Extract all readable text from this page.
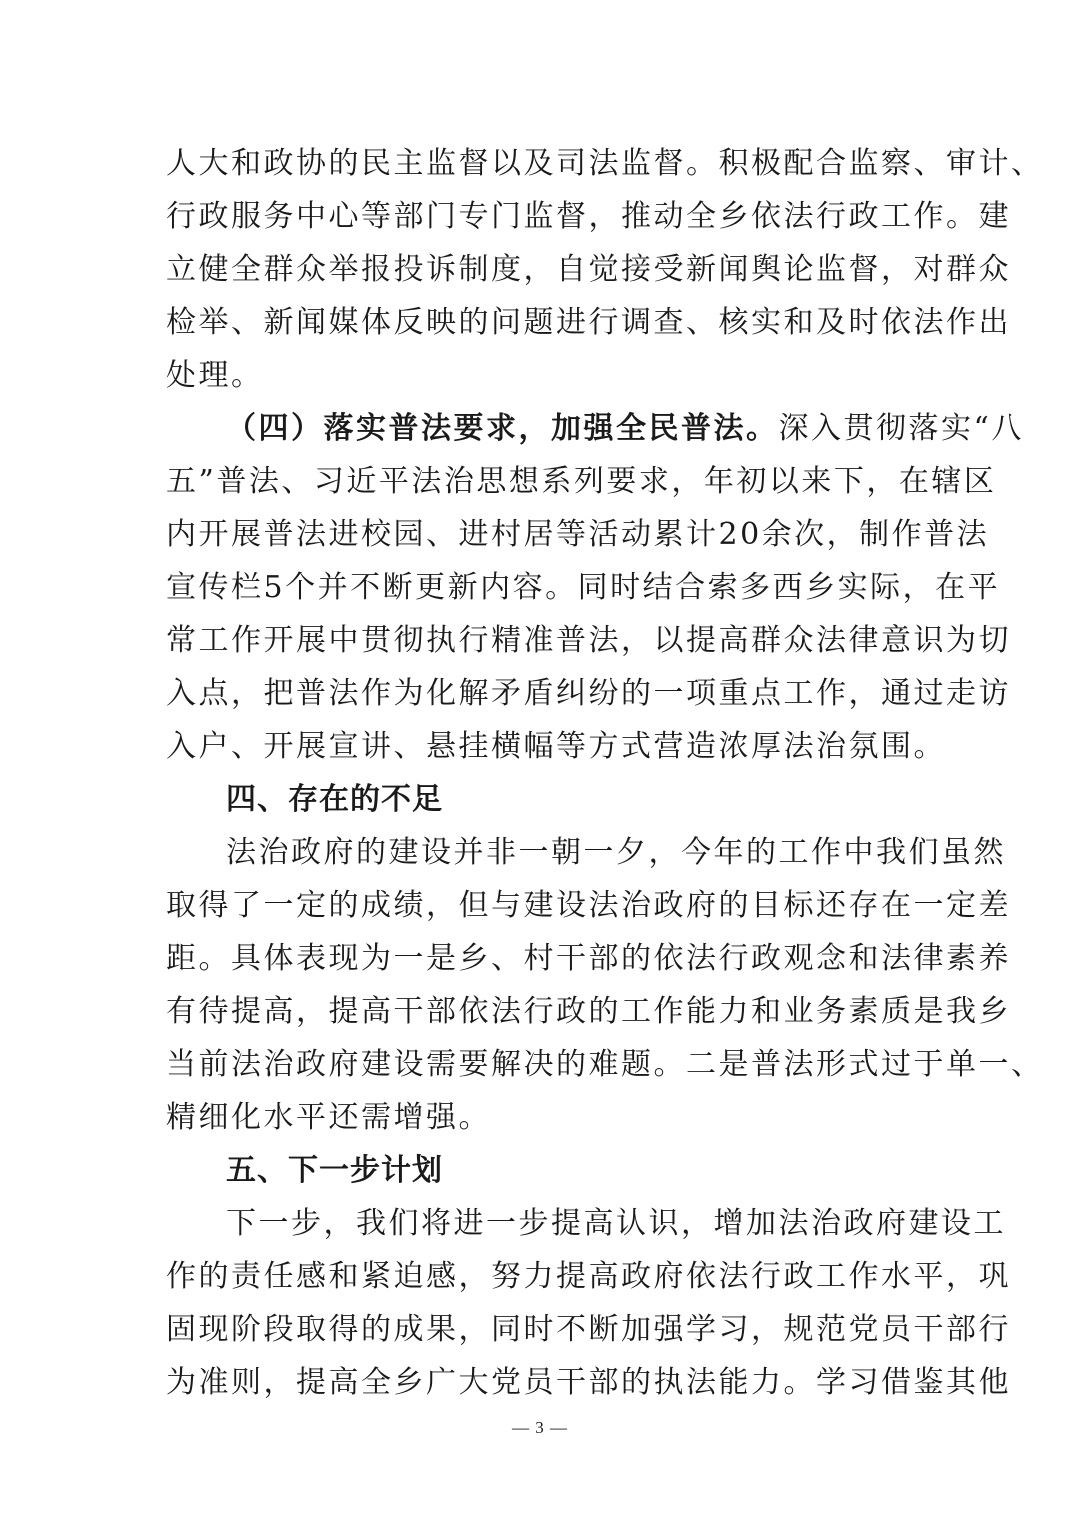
人大和政协的民主监督以及司法监督。积极配合监察、审计、
行政服务中心等部门专门监督，推动全乡依法行政工作。建
立健全群众举报投诉制度，自觉接受新闻舆论监督，对群众
检举、新闻媒体反映的问题进行调查、核实和及时依法作出
处理。
（四）落实普法要求，加强全民普法。深入贯彻落实“八
五”普法、习近平法治思想系列要求，年初以来下，在辖区
内开展普法进校园、进村居等活动累计20余次，制作普法
宣传栏5个并不断更新内容。同时结合索多西乡实际，在平
常工作开展中贯彻执行精准普法，以提高群众法律意识为切
入点，把普法作为化解矛盾纠纷的一项重点工作，通过走访
入户、开展宣讲、悬挂横幅等方式营造浓厚法治氛围。
四、存在的不足
法治政府的建设并非一朝一夕，今年的工作中我们虽然
取得了一定的成绩，但与建设法治政府的目标还存在一定差
距。具体表现为一是乡、村干部的依法行政观念和法律素养
有待提高，提高干部依法行政的工作能力和业务素质是我乡
当前法治政府建设需要解决的难题。二是普法形式过于单一、
精细化水平还需增强。
五、下一步计划
下一步，我们将进一步提高认识，增加法治政府建设工
作的责任感和紧迫感，努力提高政府依法行政工作水平，巩
固现阶段取得的成果，同时不断加强学习，规范党员干部行
为准则，提高全乡广大党员干部的执法能力。学习借鉴其他
— 3 —
